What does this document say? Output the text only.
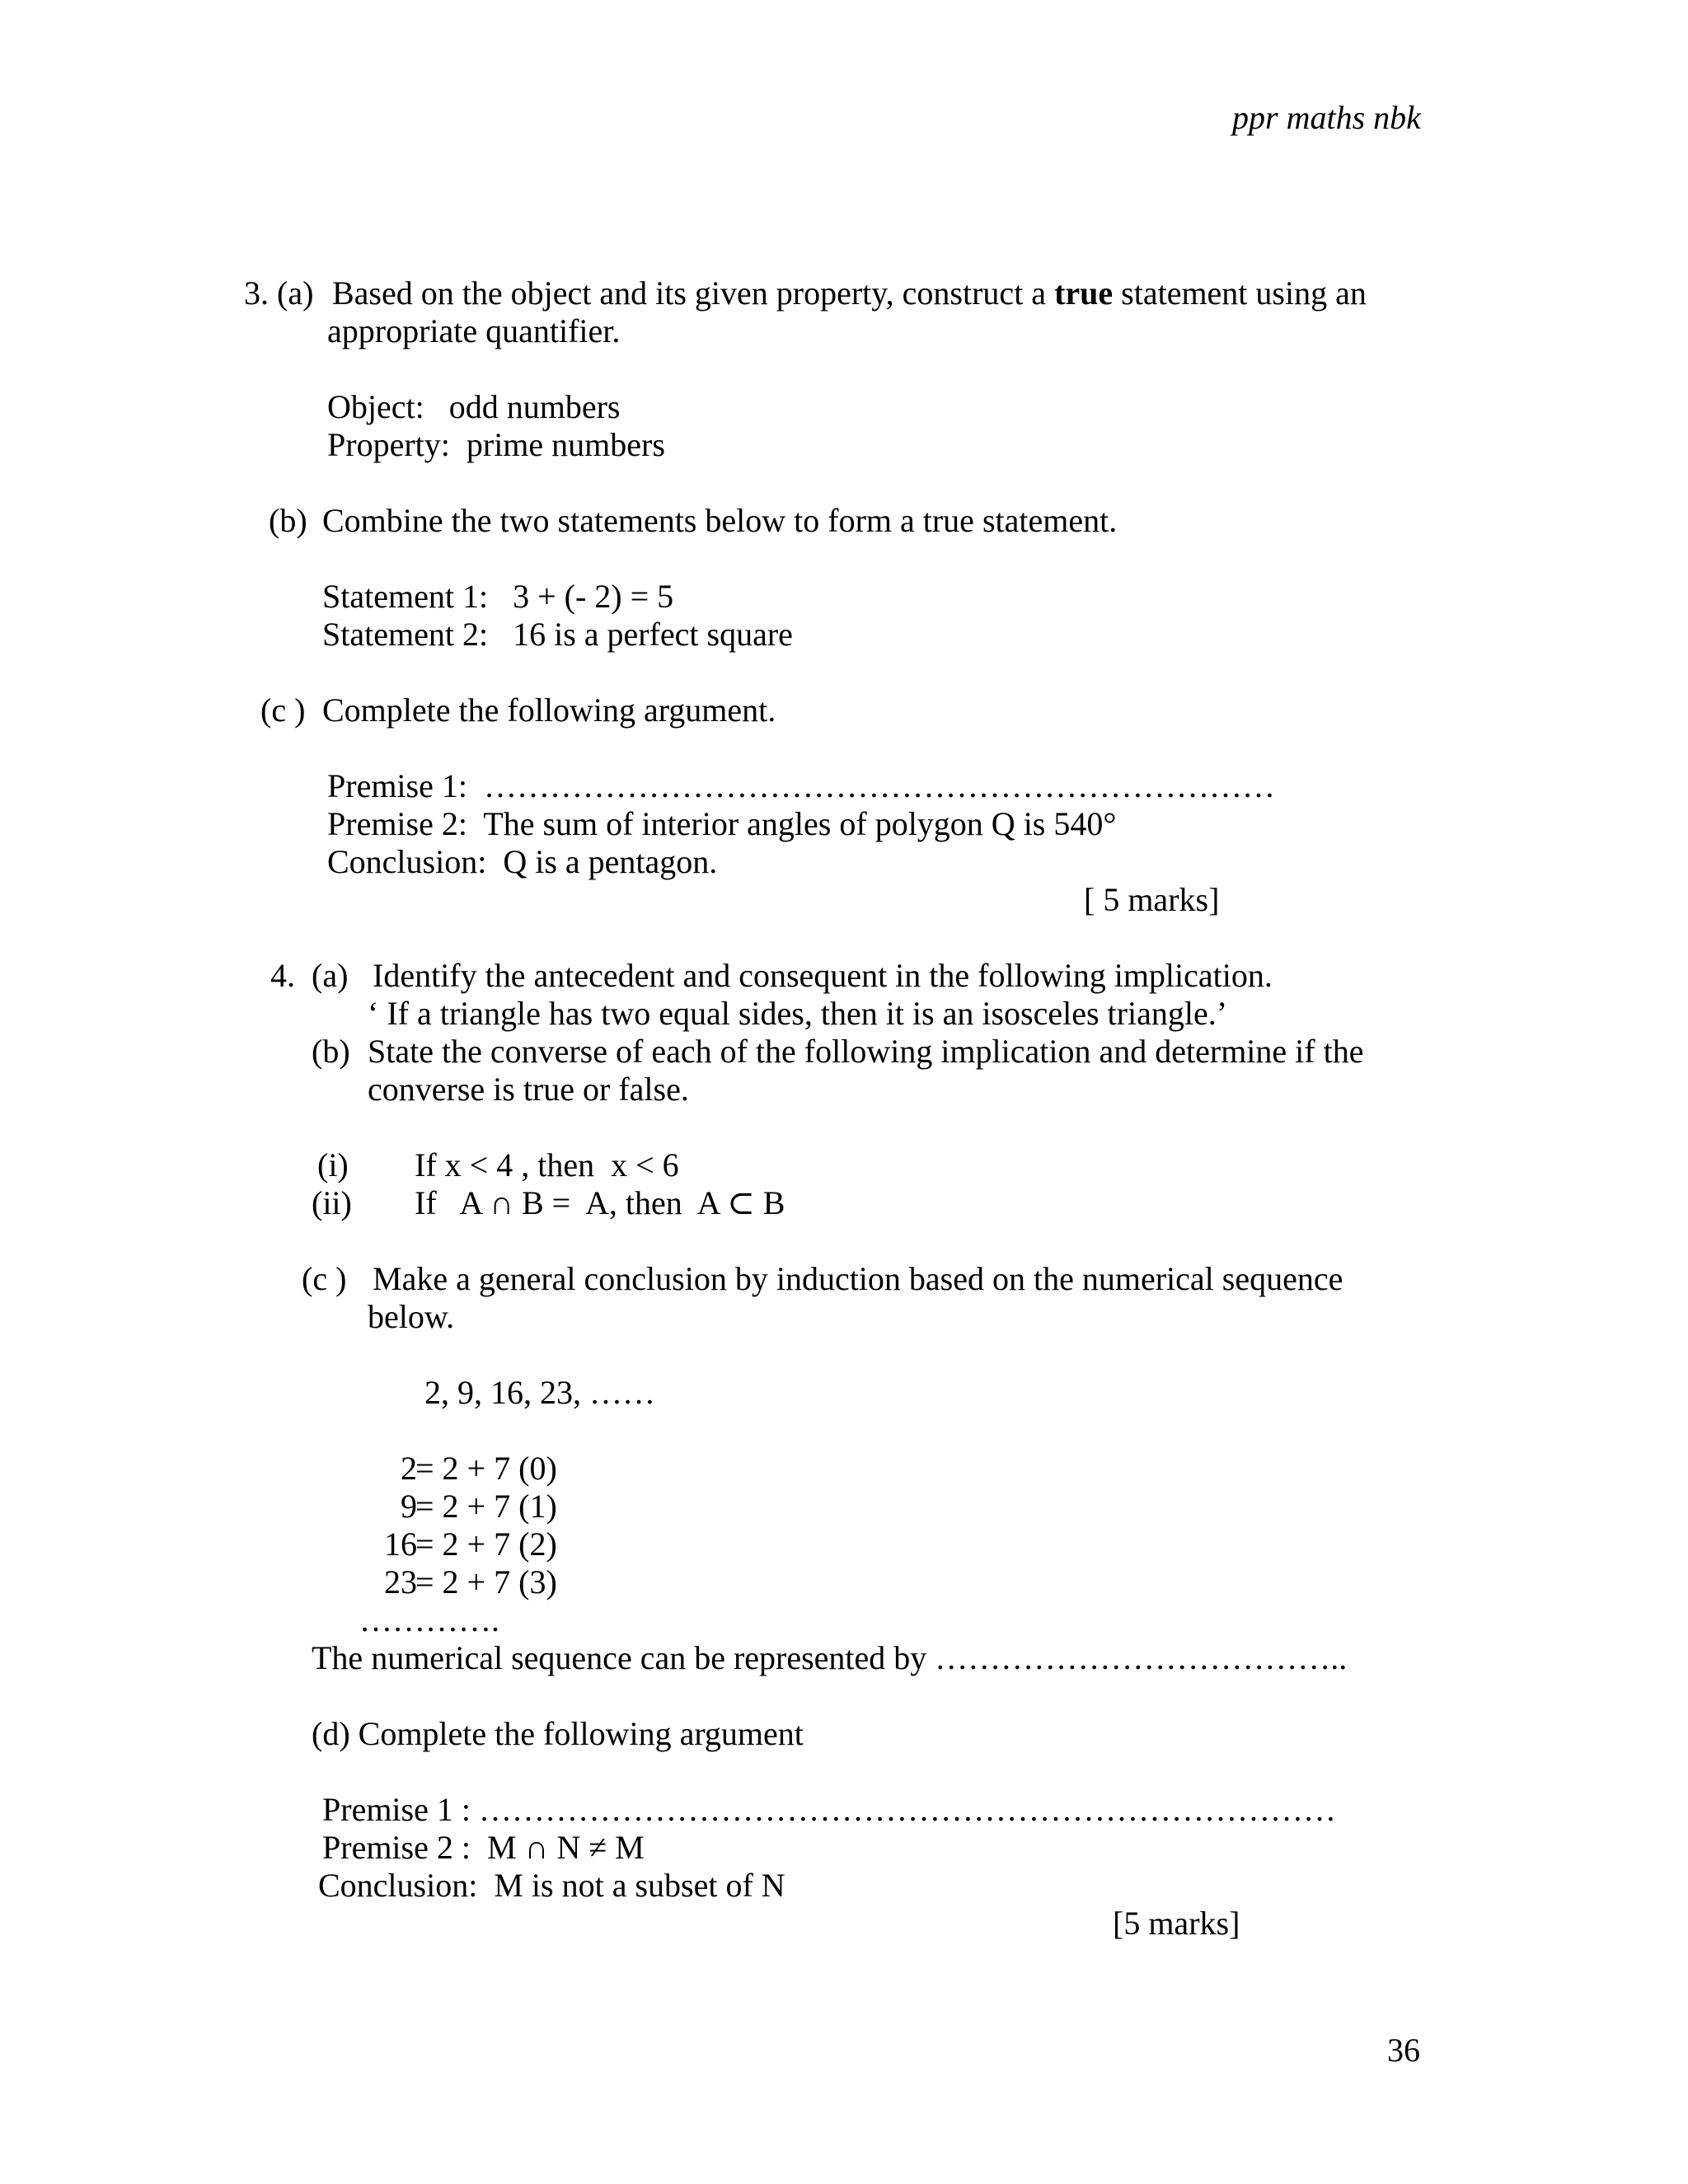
ppr maths nbk
3. (a) Based on the object and its given property, construct a true statement using an
appropriate quantifier.
Object:   odd numbers
Property:  prime numbers
(b) Combine the two statements below to form a true statement.
Statement 1:   3 + (- 2) = 5
Statement 2:   16 is a perfect square
(c ) Complete the following argument.
Premise 1:  ………………………………………………………………
Premise 2:  The sum of interior angles of polygon Q is 540°
Conclusion:  Q is a pentagon.
[ 5 marks]
4.  (a) Identify the antecedent and consequent in the following implication.
‘ If a triangle has two equal sides, then it is an isosceles triangle.’
(b) State the converse of each of the following implication and determine if the
converse is true or false.
(i) If x < 4 , then  x < 6
(ii) If   A ∩ B =  A, then  A ⊂ B
(c ) Make a general conclusion by induction based on the numerical sequence
below.
2, 9, 16, 23, ……
2
= 2 + 7 (0)
9
= 2 + 7 (1)
16
= 2 + 7 (2)
23
= 2 + 7 (3)
………….
The numerical sequence can be represented by ………………………………..
(d) Complete the following argument
Premise 1 : ……………………………………………………………………
Premise 2 :  M ∩ N ≠ M
Conclusion:  M is not a subset of N
[5 marks]
36
